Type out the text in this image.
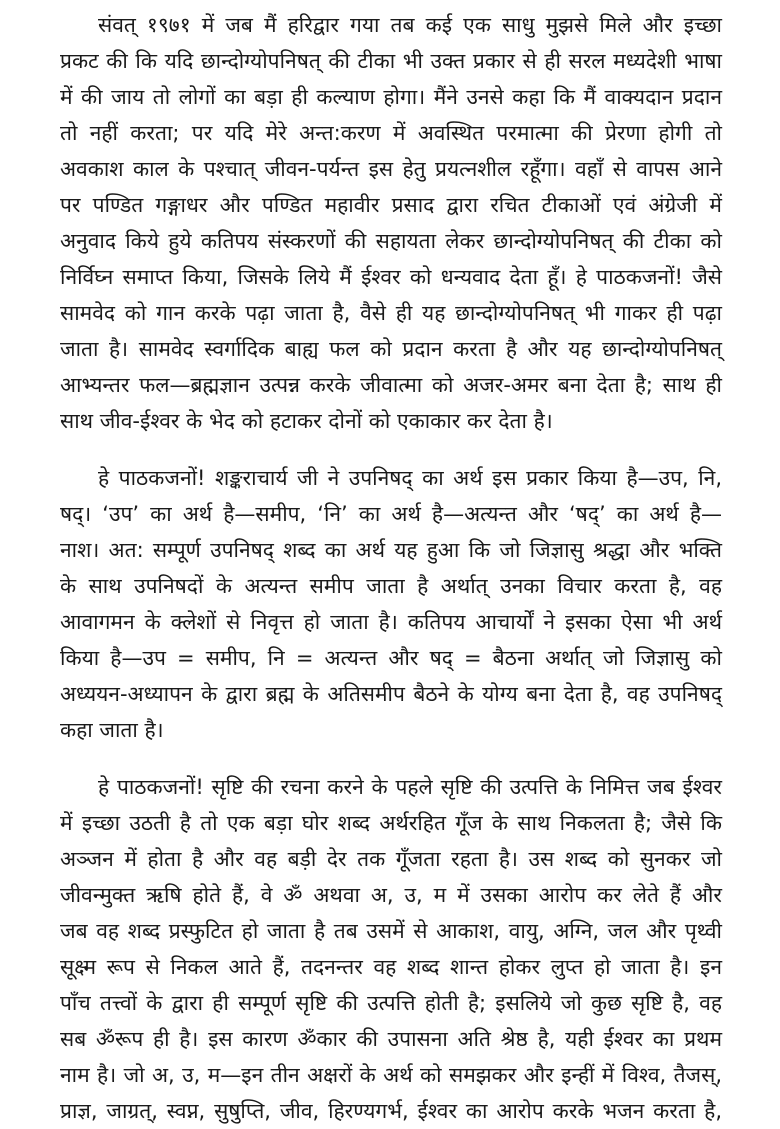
संवत् १९७१ में जब मैं हरिद्वार गया तब कई एक साधु मुझसे मिले और इच्छा
प्रकट की कि यदि छान्दोग्योपनिषत् की टीका भी उक्त प्रकार से ही सरल मध्यदेशी भाषा
में की जाय तो लोगों का बड़ा ही कल्याण होगा। मैंने उनसे कहा कि मैं वाक्यदान प्रदान
तो नहीं करता; पर यदि मेरे अन्त:करण में अवस्थित परमात्मा की प्रेरणा होगी तो
अवकाश काल के पश्चात् जीवन-पर्यन्त इस हेतु प्रयत्नशील रहूँगा। वहाँ से वापस आने
पर पण्डित गङ्गाधर और पण्डित महावीर प्रसाद द्वारा रचित टीकाओं एवं अंग्रेजी में
अनुवाद किये हुये कतिपय संस्करणों की सहायता लेकर छान्दोग्योपनिषत् की टीका को
निर्विघ्न समाप्त किया, जिसके लिये मैं ईश्वर को धन्यवाद देता हूँ। हे पाठकजनों! जैसे
सामवेद को गान करके पढ़ा जाता है, वैसे ही यह छान्दोग्योपनिषत् भी गाकर ही पढ़ा
जाता है। सामवेद स्वर्गादिक बाह्य फल को प्रदान करता है और यह छान्दोग्योपनिषत्
आभ्यन्तर फल—ब्रह्मज्ञान उत्पन्न करके जीवात्मा को अजर-अमर बना देता है; साथ ही
साथ जीव-ईश्वर के भेद को हटाकर दोनों को एकाकार कर देता है।
हे पाठकजनों! शङ्कराचार्य जी ने उपनिषद् का अर्थ इस प्रकार किया है—उप, नि,
षद्। ‘उप’ का अर्थ है—समीप, ‘नि’ का अर्थ है—अत्यन्त और ‘षद्’ का अर्थ है—
नाश। अत: सम्पूर्ण उपनिषद् शब्द का अर्थ यह हुआ कि जो जिज्ञासु श्रद्धा और भक्ति
के साथ उपनिषदों के अत्यन्त समीप जाता है अर्थात् उनका विचार करता है, वह
आवागमन के क्लेशों से निवृत्त हो जाता है। कतिपय आचार्यों ने इसका ऐसा भी अर्थ
किया है—उप = समीप, नि = अत्यन्त और षद् = बैठना अर्थात् जो जिज्ञासु को
अध्ययन-अध्यापन के द्वारा ब्रह्म के अतिसमीप बैठने के योग्य बना देता है, वह उपनिषद्
कहा जाता है।
हे पाठकजनों! सृष्टि की रचना करने के पहले सृष्टि की उत्पत्ति के निमित्त जब ईश्वर
में इच्छा उठती है तो एक बड़ा घोर शब्द अर्थरहित गूँज के साथ निकलता है; जैसे कि
अञ्जन में होता है और वह बड़ी देर तक गूँजता रहता है। उस शब्द को सुनकर जो
जीवन्मुक्त ऋषि होते हैं, वे ॐ अथवा अ, उ, म में उसका आरोप कर लेते हैं और
जब वह शब्द प्रस्फुटित हो जाता है तब उसमें से आकाश, वायु, अग्नि, जल और पृथ्वी
सूक्ष्म रूप से निकल आते हैं, तदनन्तर वह शब्द शान्त होकर लुप्त हो जाता है। इन
पाँच तत्त्वों के द्वारा ही सम्पूर्ण सृष्टि की उत्पत्ति होती है; इसलिये जो कुछ सृष्टि है, वह
सब ॐरूप ही है। इस कारण ॐकार की उपासना अति श्रेष्ठ है, यही ईश्वर का प्रथम
नाम है। जो अ, उ, म—इन तीन अक्षरों के अर्थ को समझकर और इन्हीं में विश्व, तैजस्,
प्राज्ञ, जाग्रत्, स्वप्न, सुषुप्ति, जीव, हिरण्यगर्भ, ईश्वर का आरोप करके भजन करता है,
